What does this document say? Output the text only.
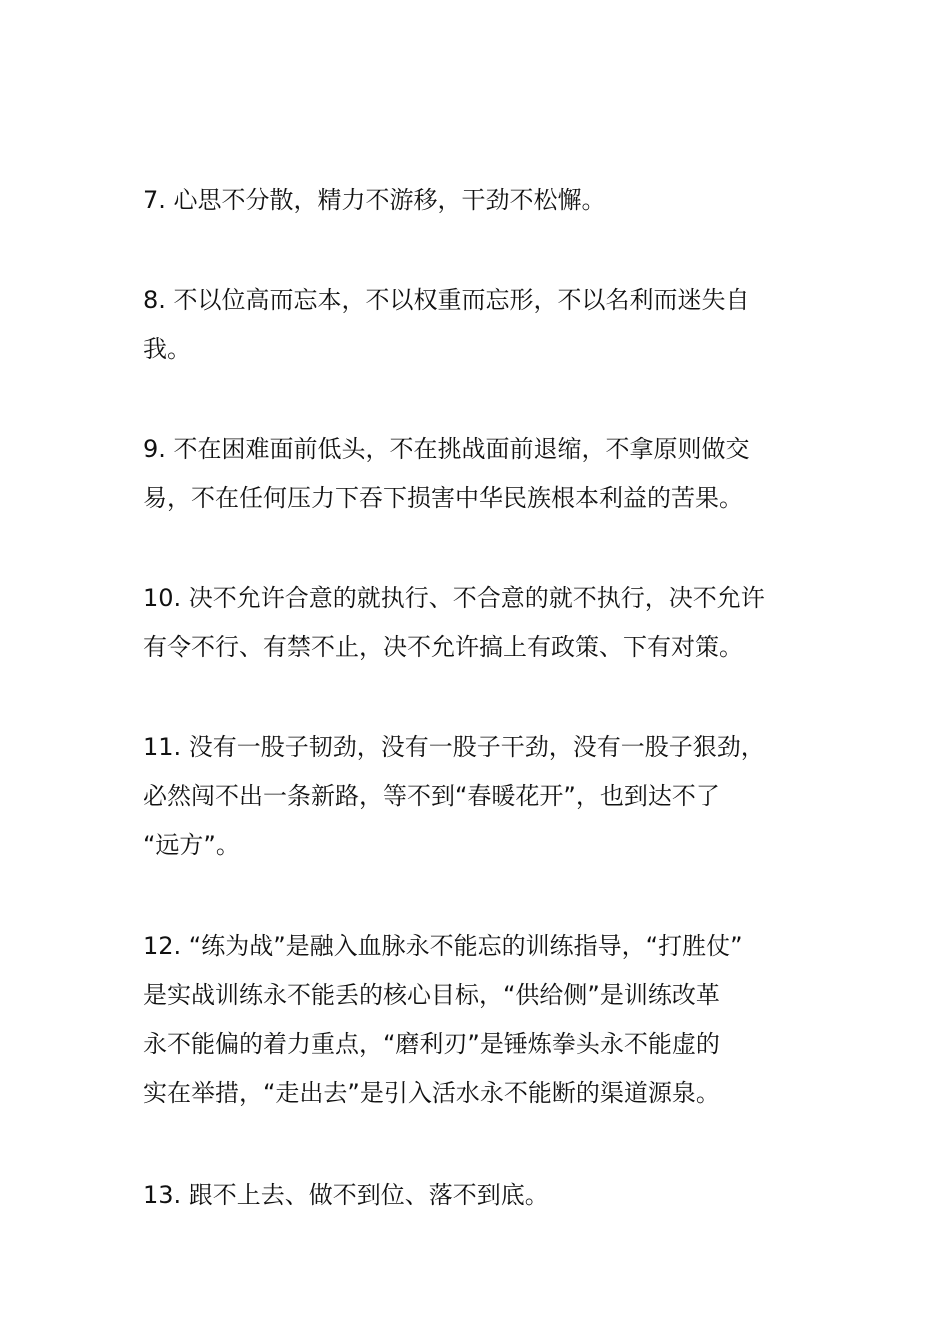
7. 心思不分散，精力不游移，干劲不松懈。

8. 不以位高而忘本，不以权重而忘形，不以名利而迷失自
我。

9. 不在困难面前低头，不在挑战面前退缩，不拿原则做交
易，不在任何压力下吞下损害中华民族根本利益的苦果。

10. 决不允许合意的就执行、不合意的就不执行，决不允许
有令不行、有禁不止，决不允许搞上有政策、下有对策。

11. 没有一股子韧劲，没有一股子干劲，没有一股子狠劲，
必然闯不出一条新路，等不到“春暖花开”，也到达不了
“远方”。

12. “练为战”是融入血脉永不能忘的训练指导，“打胜仗”
是实战训练永不能丢的核心目标，“供给侧”是训练改革
永不能偏的着力重点，“磨利刃”是锤炼拳头永不能虚的
实在举措，“走出去”是引入活水永不能断的渠道源泉。

13. 跟不上去、做不到位、落不到底。
